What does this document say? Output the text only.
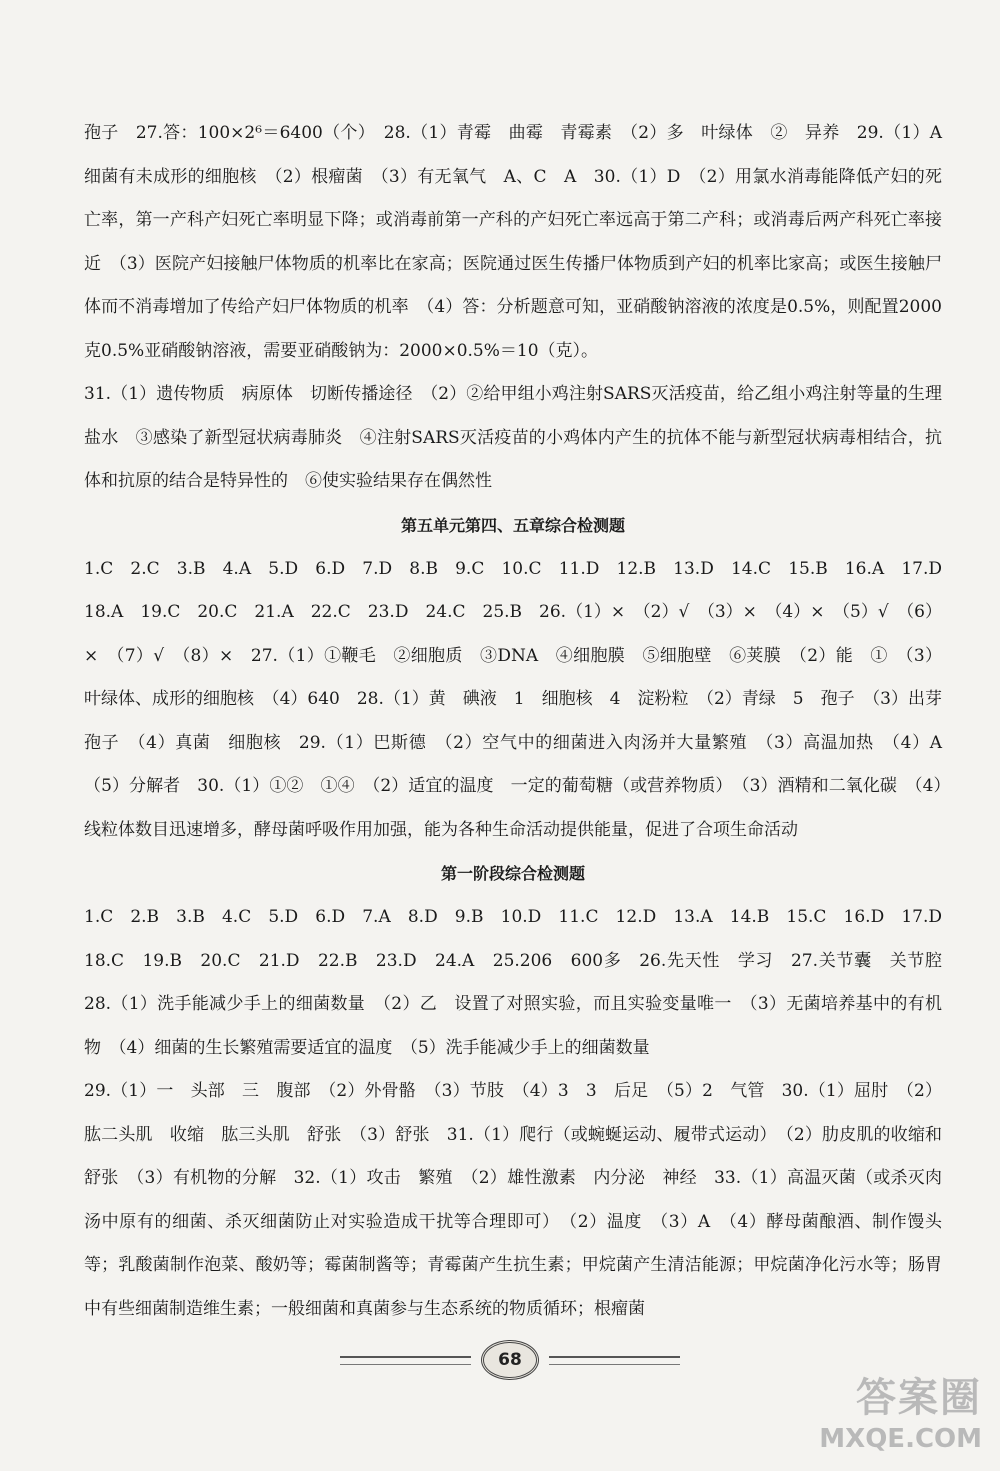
孢子　27.答：100×2⁶＝6400（个）　28.（1）青霉　曲霉　青霉素　（2）多　叶绿体　②　异养　29.（1）A　细菌有未成形的细胞核　（2）根瘤菌　（3）有无氧气　A、C　A　30.（1）D　（2）用氯水消毒能降低产妇的死亡率，第一产科产妇死亡率明显下降；或消毒前第一产科的产妇死亡率远高于第二产科；或消毒后两产科死亡率接近　（3）医院产妇接触尸体物质的机率比在家高；医院通过医生传播尸体物质到产妇的机率比家高；或医生接触尸体而不消毒增加了传给产妇尸体物质的机率　（4）答：分析题意可知，亚硝酸钠溶液的浓度是0.5%，则配置2000克0.5%亚硝酸钠溶液，需要亚硝酸钠为：2000×0.5%＝10（克）。

31.（1）遗传物质　病原体　切断传播途径　（2）②给甲组小鸡注射SARS灭活疫苗，给乙组小鸡注射等量的生理盐水　③感染了新型冠状病毒肺炎　④注射SARS灭活疫苗的小鸡体内产生的抗体不能与新型冠状病毒相结合，抗体和抗原的结合是特异性的　⑥使实验结果存在偶然性

第五单元第四、五章综合检测题

1.C　2.C　3.B　4.A　5.D　6.D　7.D　8.B　9.C　10.C　11.D　12.B　13.D　14.C　15.B　16.A　17.D　18.A　19.C　20.C　21.A　22.C　23.D　24.C　25.B　26.（1）×　（2）√　（3）×　（4）×　（5）√　（6）×　（7）√　（8）×　27.（1）①鞭毛　②细胞质　③DNA　④细胞膜　⑤细胞壁　⑥荚膜　（2）能　①　（3）叶绿体、成形的细胞核　（4）640　28.（1）黄　碘液　1　细胞核　4　淀粉粒　（2）青绿　5　孢子　（3）出芽　孢子　（4）真菌　细胞核　29.（1）巴斯德　（2）空气中的细菌进入肉汤并大量繁殖　（3）高温加热　（4）A　（5）分解者　30.（1）①②　①④　（2）适宜的温度　一定的葡萄糖（或营养物质）　（3）酒精和二氧化碳　（4）线粒体数目迅速增多，酵母菌呼吸作用加强，能为各种生命活动提供能量，促进了合项生命活动

第一阶段综合检测题

1.C　2.B　3.B　4.C　5.D　6.D　7.A　8.D　9.B　10.D　11.C　12.D　13.A　14.B　15.C　16.D　17.D　18.C　19.B　20.C　21.D　22.B　23.D　24.A　25.206　600多　26.先天性　学习　27.关节囊　关节腔　28.（1）洗手能减少手上的细菌数量　（2）乙　设置了对照实验，而且实验变量唯一　（3）无菌培养基中的有机物　（4）细菌的生长繁殖需要适宜的温度　（5）洗手能减少手上的细菌数量

29.（1）一　头部　三　腹部　（2）外骨骼　（3）节肢　（4）3　3　后足　（5）2　气管　30.（1）屈肘　（2）肱二头肌　收缩　肱三头肌　舒张　（3）舒张　31.（1）爬行（或蜿蜒运动、履带式运动）　（2）肋皮肌的收缩和舒张　（3）有机物的分解　32.（1）攻击　繁殖　（2）雄性激素　内分泌　神经　33.（1）高温灭菌（或杀灭肉汤中原有的细菌、杀灭细菌防止对实验造成干扰等合理即可）　（2）温度　（3）A　（4）酵母菌酿酒、制作馒头等；乳酸菌制作泡菜、酸奶等；霉菌制酱等；青霉菌产生抗生素；甲烷菌产生清洁能源；甲烷菌净化污水等；肠胃中有些细菌制造维生素；一般细菌和真菌参与生态系统的物质循环；根瘤菌

68
答案圈
MXQE.COM
